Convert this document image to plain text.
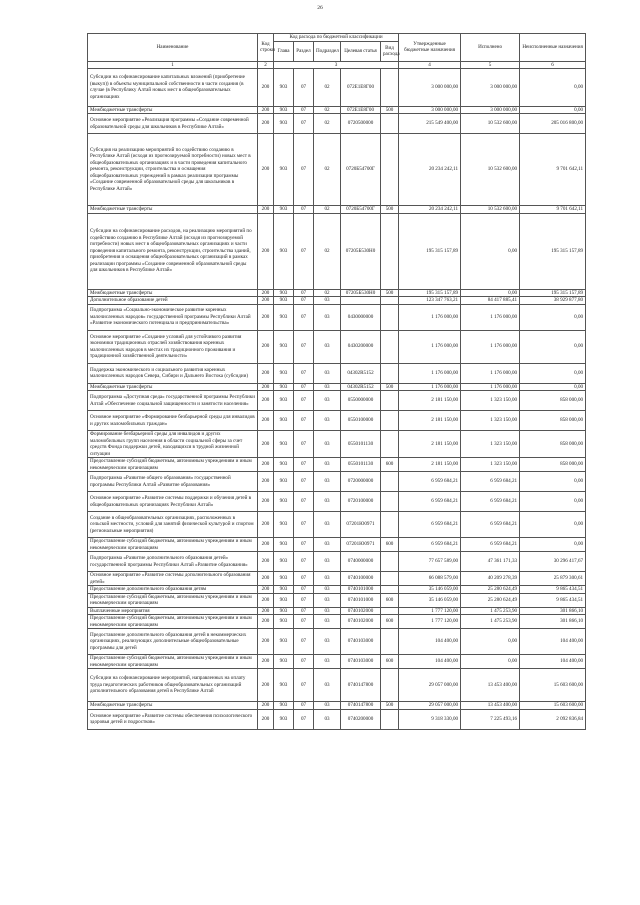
26
Наименование	Код строки	Код расхода по бюджетной классификации					Утвержденные бюджетные назначения	Исполнено	Неисполненные назначения
		Глава	Раздел	Подраздел	Целевая статья	Вид расхода			
1	2	3					4	5	6
Субсидии на софинансирование капитальных вложений (приобретение (выкуп)) в объекты муниципальной собственности в части создания (в случае (в Республику Алтай новых мест в общеобразовательных организациях	200	903	07	02	072Е1Е8Г00		3 000 000,00	3 000 000,00	0,00
Межбюджетные трансферты	200	903	07	02	072Е1Е8Г00	500	3 000 000,00	3 000 000,00	0,00
Основное мероприятие «Реализация программы «Создание современной образовательной среды для школьников в Республике Алтай»	200	903	07	02	0720500000		215 549 400,00	10 532 600,00	205 016 800,00
Субсидия на реализацию мероприятий по содействию созданию в Республике Алтай (исходя из прогнозируемой потребности) новых мест в общеобразовательных организациях и в части проведения капитального ремонта, реконструкции, строительства и оснащения общеобразовательных учреждений в рамках реализации программы «Создание современной образовательной среды для школьников в Республике Алтай»	200	903	07	02	0720Б54700Г		20 234 242,11	10 532 600,00	9 701 642,11
Межбюджетные трансферты	200	903	07	02	0720Б54700Г	500	20 234 242,11	10 532 600,00	9 701 642,11
Субсидии на софинансирование расходов, на реализацию мероприятий по содействию созданию в Республике Алтай (исходя из прогнозируемой потребности) новых мест в общеобразовательных организациях и части проведения капитального ремонта, реконструкции, строительства зданий, приобретения и оснащения общеобразовательных организаций в рамках реализации программы «Создание современной образовательной среды для школьников в Республике Алтай»	200	903	07	02	07205Б530Н0		195 315 157,89	0,00	195 315 157,89
Межбюджетные трансферты	200	903	07	02	07205Б530Н0	500	195 315 157,89	0,00	195 315 157,89
Дополнительное образование детей	200	903	07	03			123 347 763,21	84 417 885,41	38 929 877,80
Подпрограмма «Социально-экономическое развитие коренных малочисленных народов» государственной программы Республики Алтай «Развитие экономического потенциала и предпринимательства»	200	903	07	03	0430000000		1 176 000,00	1 176 000,00	0,00
Основное мероприятие «Создание условий для устойчивого развития экономики традиционных отраслей хозяйствования коренных малочисленных народов в местах их традиционного проживания и традиционной хозяйственной деятельности»	200	903	07	03	0430200000		1 176 000,00	1 176 000,00	0,00
Поддержка экономического и социального развития коренных малочисленных народов Севера, Сибири и Дальнего Востока (субсидии)	200	903	07	03	04302R5152		1 176 000,00	1 176 000,00	0,00
Межбюджетные трансферты	200	903	07	03	04302R5152	500	1 176 000,00	1 176 000,00	0,00
Подпрограмма «Доступная среда» государственной программы Республики Алтай «Обеспечение социальной защищенности и занятости населения»	200	903	07	03	0550000000		2 181 150,00	1 323 150,00	858 000,00
Основное мероприятие «Формирование безбарьерной среды для инвалидов и других маломобильных граждан»	200	903	07	03	0550100000		2 181 150,00	1 323 150,00	858 000,00
Формирование безбарьерной среды для инвалидов и других маломобильных групп населения в области социальной сферы за счет средств Фонда поддержки детей, находящихся в трудной жизненной ситуации	200	903	07	03	0550101130		2 181 150,00	1 323 150,00	858 000,00
Предоставление субсидий бюджетным, автономным учреждениям и иным некоммерческим организациям	200	903	07	03	0550101130	600	2 181 150,00	1 323 150,00	858 000,00
Подпрограмма «Развитие общего образования» государственной программы Республики Алтай «Развитие образования»	200	903	07	03	0720000000		6 959 684,21	6 959 684,21	0,00
Основное мероприятие «Развитие системы поддержки и обучения детей в общеобразовательных организациях Республики Алтай»	200	903	07	03	0720100000		6 959 684,21	6 959 684,21	0,00
Создание в общеобразовательных организациях, расположенных в сельской местности, условий для занятий физической культурой и спортом (региональные мероприятия)	200	903	07	03	07201Ю0971		6 959 684,21	6 959 684,21	0,00
Предоставление субсидий бюджетным, автономным учреждениям и иным некоммерческим организациям	200	903	07	03	07201Ю0971	600	6 959 684,21	6 959 684,21	0,00
Подпрограмма «Развитие дополнительного образования детей» государственной программы Республики Алтай «Развитие образования»	200	903	07	03	0740000000		77 657 589,00	47 361 171,33	30 296 417,67
Основное мероприятие «Развитие системы дополнительного образования детей»	200	903	07	03	0740100000		66 088 579,00	40 209 278,39	25 879 300,61
Предоставление дополнительного образования детям	200	903	07	03	0740101000		35 146 059,00	25 280 624,49	9 865 434,51
Предоставление субсидий бюджетным, автономным учреждениям и иным некоммерческим организациям	200	903	07	03	0740101000	600	35 146 059,00	25 280 624,49	9 865 434,51
Выплаченные мероприятия	200	903	07	03	0740102000		1 777 120,00	1 475 253,90	301 866,10
Предоставление субсидий бюджетным, автономным учреждениям и иным некоммерческим организациям	200	903	07	03	0740102000	600	1 777 120,00	1 475 253,90	301 866,10
Предоставление дополнительного образования детей в некоммерческих организациях, реализующих дополнительные общеобразовательные программы для детей	200	903	07	03	0740103000		104 400,00	0,00	104 400,00
Предоставление субсидий бюджетным, автономным учреждениям и иным некоммерческим организациям	200	903	07	03	0740103000	600	104 400,00	0,00	104 400,00
Субсидии на софинансирование мероприятий, направленных на оплату труда педагогических работников общеобразовательных организаций дополнительного образования детей в Республике Алтай	200	903	07	03	0740147800		29 057 000,00	13 453 400,00	15 603 600,00
Межбюджетные трансферты	200	903	07	03	0740147800	500	29 057 000,00	13 453 400,00	15 603 600,00
Основное мероприятие «Развитие системы обеспечения психологического здоровья детей и подростков»	200	903	07	03	0740200000		9 318 330,00	7 225 493,16	2 092 836,84
